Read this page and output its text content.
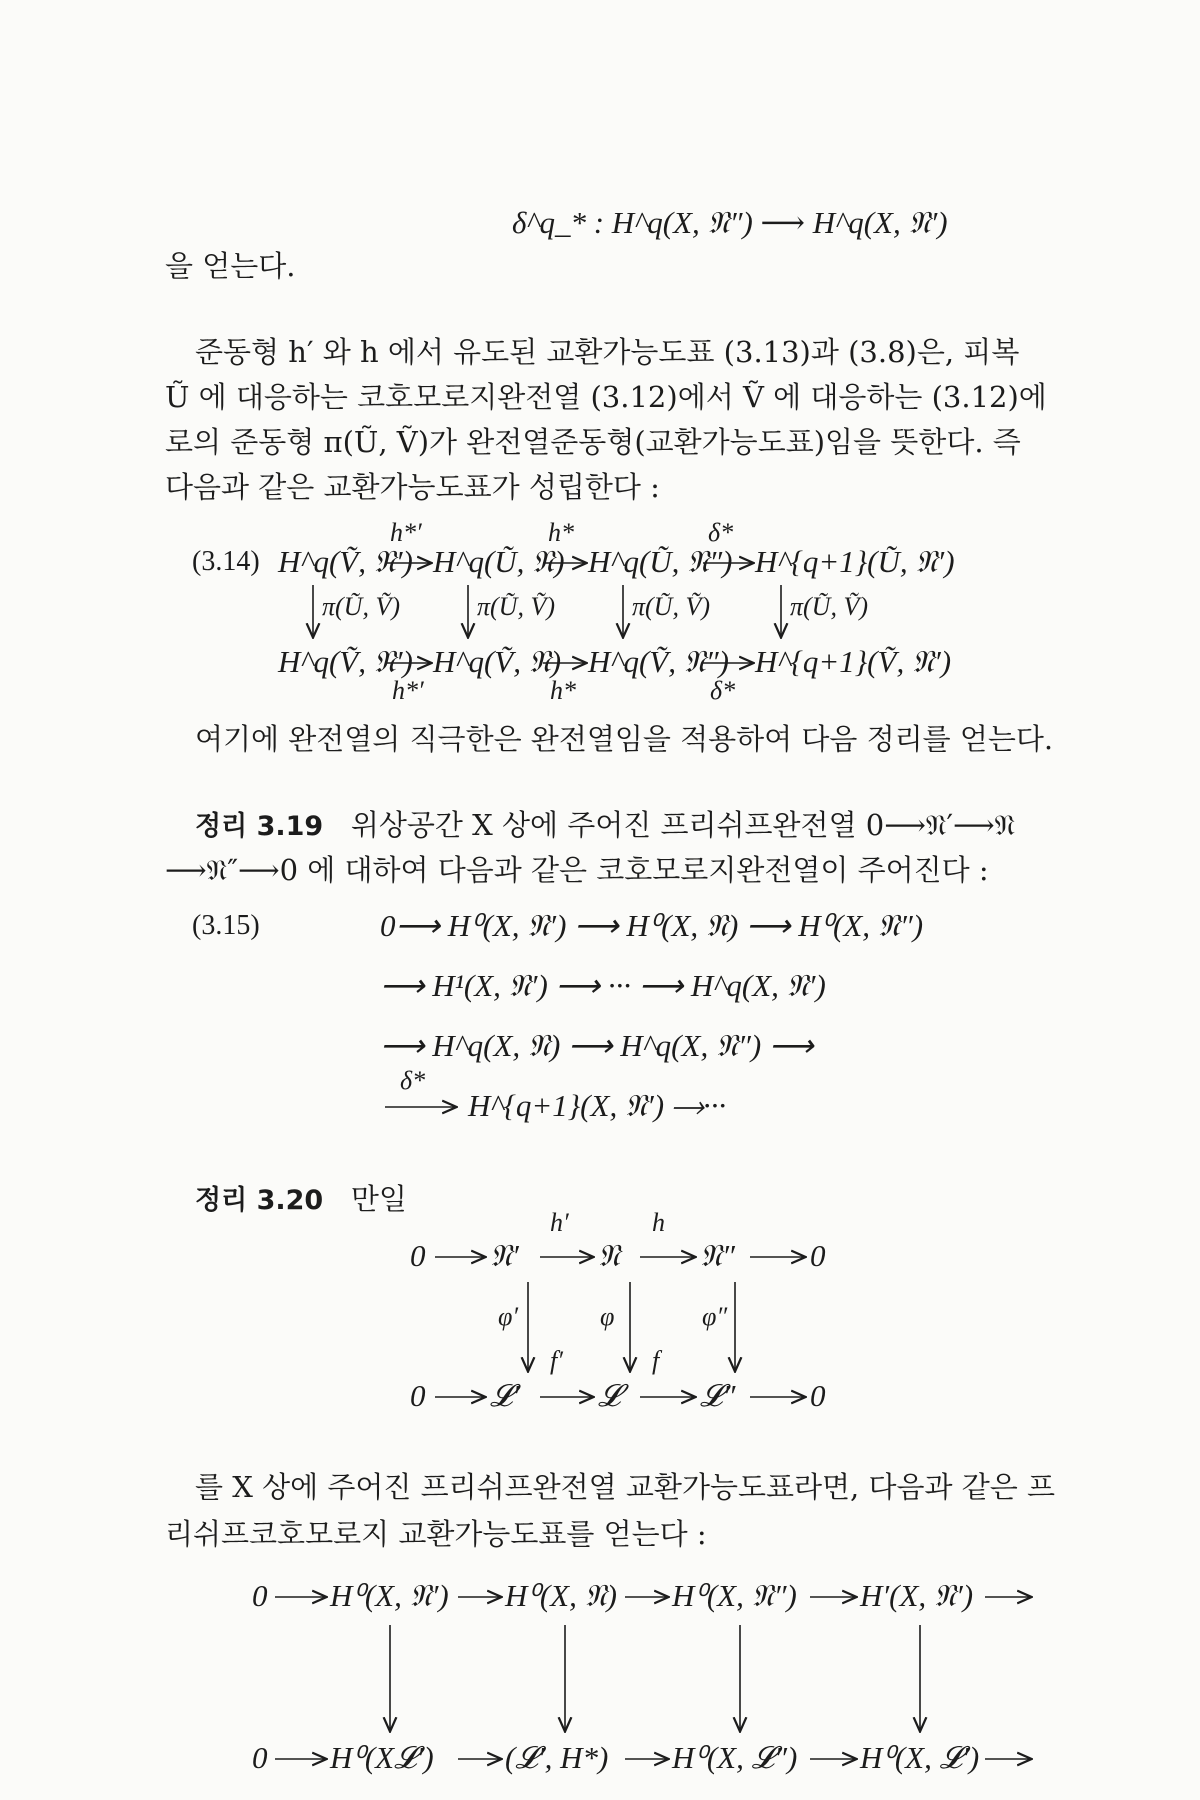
δ^q_* : H^q(X, 𝔑″) ⟶ H^q(X, 𝔑′)
을 얻는다.
준동형 h′ 와 h 에서 유도된 교환가능도표 (3.13)과 (3.8)은, 피복
Ũ 에 대응하는 코호모로지완전열 (3.12)에서 Ṽ 에 대응하는 (3.12)에
로의 준동형 π(Ũ, Ṽ)가 완전열준동형(교환가능도표)임을 뜻한다. 즉
다음과 같은 교환가능도표가 성립한다 :
(3.14) H^q(Ṽ, 𝔑′) H^q(Ũ, 𝔑) H^q(Ũ, 𝔑″) H^{q+1}(Ũ, 𝔑′)
h*′	h*	δ*
π(Ũ, Ṽ)	π(Ũ, Ṽ)	π(Ũ, Ṽ)	π(Ũ, Ṽ)
H^q(Ṽ, 𝔑′) H^q(Ṽ, 𝔑) H^q(Ṽ, 𝔑″) H^{q+1}(Ṽ, 𝔑′)
h*′	h*	δ*
여기에 완전열의 직극한은 완전열임을 적용하여 다음 정리를 얻는다.
정리 3.19 위상공간 X 상에 주어진 프리쉬프완전열 0⟶𝔑′⟶𝔑
⟶𝔑″⟶0 에 대하여 다음과 같은 코호모로지완전열이 주어진다 :
(3.15)	0⟶ H⁰(X, 𝔑′) ⟶ H⁰(X, 𝔑) ⟶ H⁰(X, 𝔑″)
⟶ H¹(X, 𝔑′) ⟶ ··· ⟶ H^q(X, 𝔑′)
⟶ H^q(X, 𝔑) ⟶ H^q(X, 𝔑″) ⟶
δ*
H^{q+1}(X, 𝔑′) ⟶···
정리 3.20 만일
0 𝔑′	𝔑	𝔑″ 0
h′	h
φ′	φ	φ″
0 𝓛′	𝓛	𝓛″ 0
f′	f
를 X 상에 주어진 프리쉬프완전열 교환가능도표라면, 다음과 같은 프
리쉬프코호모로지 교환가능도표를 얻는다 :
0 H⁰(X, 𝔑′) H⁰(X, 𝔑) H⁰(X, 𝔑″) H′(X, 𝔑′)
0 H⁰(X𝓛′) (𝓛′, H*) H⁰(X, 𝓛″) H⁰(X, 𝓛′)
